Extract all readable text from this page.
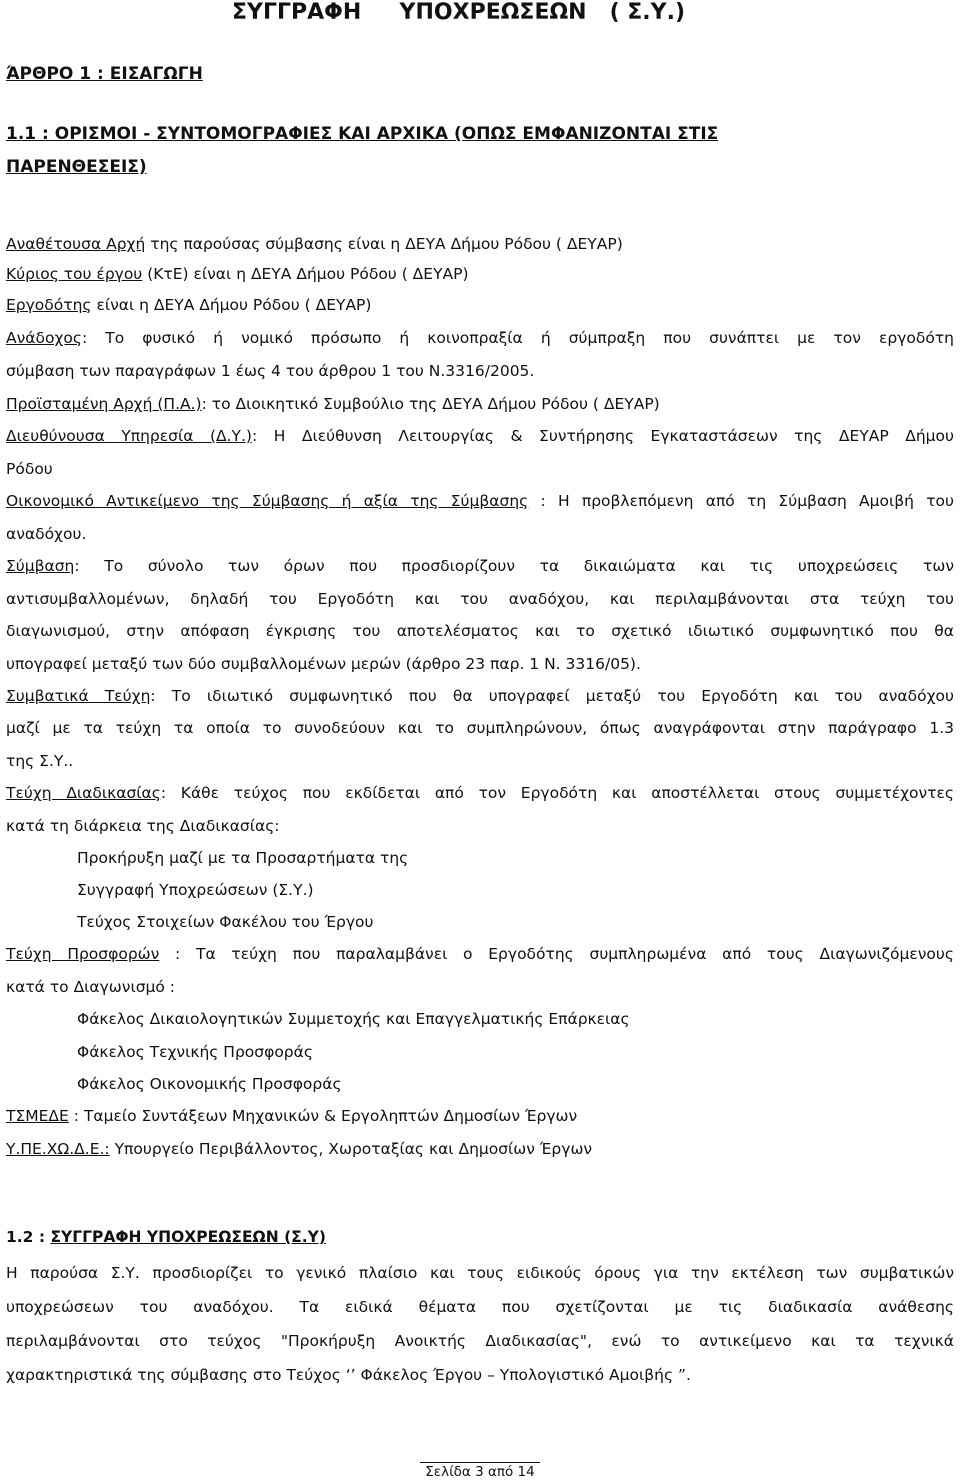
ΣΥΓΓΡΑΦΗ     ΥΠΟΧΡΕΩΣΕΩΝ   ( Σ.Υ.)
ΆΡΘΡΟ 1 : ΕΙΣΑΓΩΓΗ
1.1 : ΟΡΙΣΜΟΙ - ΣΥΝΤΟΜΟΓΡΑΦΙΕΣ ΚΑΙ ΑΡΧΙΚΑ (ΟΠΩΣ ΕΜΦΑΝΙΖΟΝΤΑΙ ΣΤΙΣ
ΠΑΡΕΝΘΕΣΕΙΣ)
Αναθέτουσα Αρχή της παρούσας σύμβασης είναι η ΔΕΥΑ Δήμου Ρόδου ( ΔΕΥΑΡ)
Κύριος του έργου (ΚτΕ) είναι η ΔΕΥΑ Δήμου Ρόδου ( ΔΕΥΑΡ)
Εργοδότης είναι η ΔΕΥΑ Δήμου Ρόδου ( ΔΕΥΑΡ)
Ανάδοχος: Το φυσικό ή νομικό πρόσωπο ή κοινοπραξία ή σύμπραξη που συνάπτει με τον εργοδότη
σύμβαση των παραγράφων 1 έως 4 του άρθρου 1 του Ν.3316/2005.
Προϊσταμένη Αρχή (Π.Α.): το Διοικητικό Συμβούλιο της ΔΕΥΑ Δήμου Ρόδου ( ΔΕΥΑΡ)
Διευθύνουσα Υπηρεσία (Δ.Υ.): Η Διεύθυνση Λειτουργίας & Συντήρησης Εγκαταστάσεων της ΔΕΥΑΡ Δήμου
Ρόδου
Οικονομικό Αντικείμενο της Σύμβασης ή αξία της Σύμβασης : Η προβλεπόμενη από τη Σύμβαση Αμοιβή του
αναδόχου.
Σύμβαση: Το σύνολο των όρων που προσδιορίζουν τα δικαιώματα και τις υποχρεώσεις των
αντισυμβαλλομένων, δηλαδή του Εργοδότη και του αναδόχου, και περιλαμβάνονται στα τεύχη του
διαγωνισμού, στην απόφαση έγκρισης του αποτελέσματος και το σχετικό ιδιωτικό συμφωνητικό που θα
υπογραφεί μεταξύ των δύο συμβαλλομένων μερών (άρθρο 23 παρ. 1 Ν. 3316/05).
Συμβατικά Τεύχη: Το ιδιωτικό συμφωνητικό που θα υπογραφεί μεταξύ του Εργοδότη και του αναδόχου
μαζί με τα τεύχη τα οποία το συνοδεύουν και το συμπληρώνουν, όπως αναγράφονται στην παράγραφο 1.3
της Σ.Υ..
Τεύχη Διαδικασίας: Κάθε τεύχος που εκδίδεται από τον Εργοδότη και αποστέλλεται στους συμμετέχοντες
κατά τη διάρκεια της Διαδικασίας:
Προκήρυξη μαζί με τα Προσαρτήματα της
Συγγραφή Υποχρεώσεων (Σ.Υ.)
Τεύχος Στοιχείων Φακέλου του Έργου
Τεύχη Προσφορών : Τα τεύχη που παραλαμβάνει ο Εργοδότης συμπληρωμένα από τους Διαγωνιζόμενους
κατά το Διαγωνισμό :
Φάκελος Δικαιολογητικών Συμμετοχής και Επαγγελματικής Επάρκειας
Φάκελος Τεχνικής Προσφοράς
Φάκελος Οικονομικής Προσφοράς
ΤΣΜΕΔΕ : Ταμείο Συντάξεων Μηχανικών & Εργοληπτών Δημοσίων Έργων
Υ.ΠΕ.ΧΩ.Δ.Ε.: Υπουργείο Περιβάλλοντος, Χωροταξίας και Δημοσίων Έργων
1.2 : ΣΥΓΓΡΑΦΗ ΥΠΟΧΡΕΩΣΕΩΝ (Σ.Υ)
Η παρούσα Σ.Υ. προσδιορίζει το γενικό πλαίσιο και τους ειδικούς όρους για την εκτέλεση των συμβατικών
υποχρεώσεων του αναδόχου. Τα ειδικά θέματα που σχετίζονται με τις διαδικασία ανάθεσης
περιλαμβάνονται στο τεύχος "Προκήρυξη Ανοικτής Διαδικασίας", ενώ το αντικείμενο και τα τεχνικά
χαρακτηριστικά της σύμβασης στο Τεύχος ‘’ Φάκελος Έργου – Υπολογιστικό Αμοιβής ”.
Σελίδα 3 από 14
